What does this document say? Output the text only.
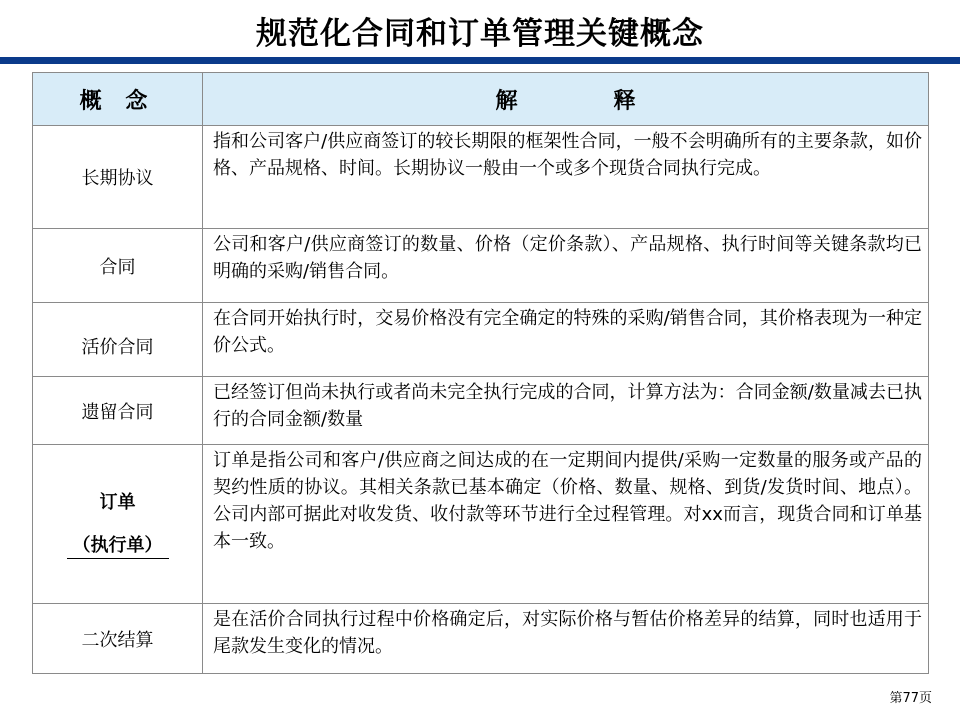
规范化合同和订单管理关键概念
概 念	解 释
长期协议	指和公司客户/供应商签订的较长期限的框架性合同，一般不会明确所有的主要条款，如价格、产品规格、时间。长期协议一般由一个或多个现货合同执行完成。
合同	公司和客户/供应商签订的数量、价格（定价条款）、产品规格、执行时间等关键条款均已明确的采购/销售合同。
活价合同	在合同开始执行时，交易价格没有完全确定的特殊的采购/销售合同，其价格表现为一种定价公式。
遗留合同	已经签订但尚未执行或者尚未完全执行完成的合同，计算方法为：合同金额/数量减去已执行的合同金额/数量

订单
（执行单）	订单是指公司和客户/供应商之间达成的在一定期间内提供/采购一定数量的服务或产品的契约性质的协议。其相关条款已基本确定（价格、数量、规格、到货/发货时间、地点）。公司内部可据此对收发货、收付款等环节进行全过程管理。对xx而言，现货合同和订单基本一致。
二次结算	是在活价合同执行过程中价格确定后，对实际价格与暂估价格差异的结算，同时也适用于尾款发生变化的情况。
第77页
